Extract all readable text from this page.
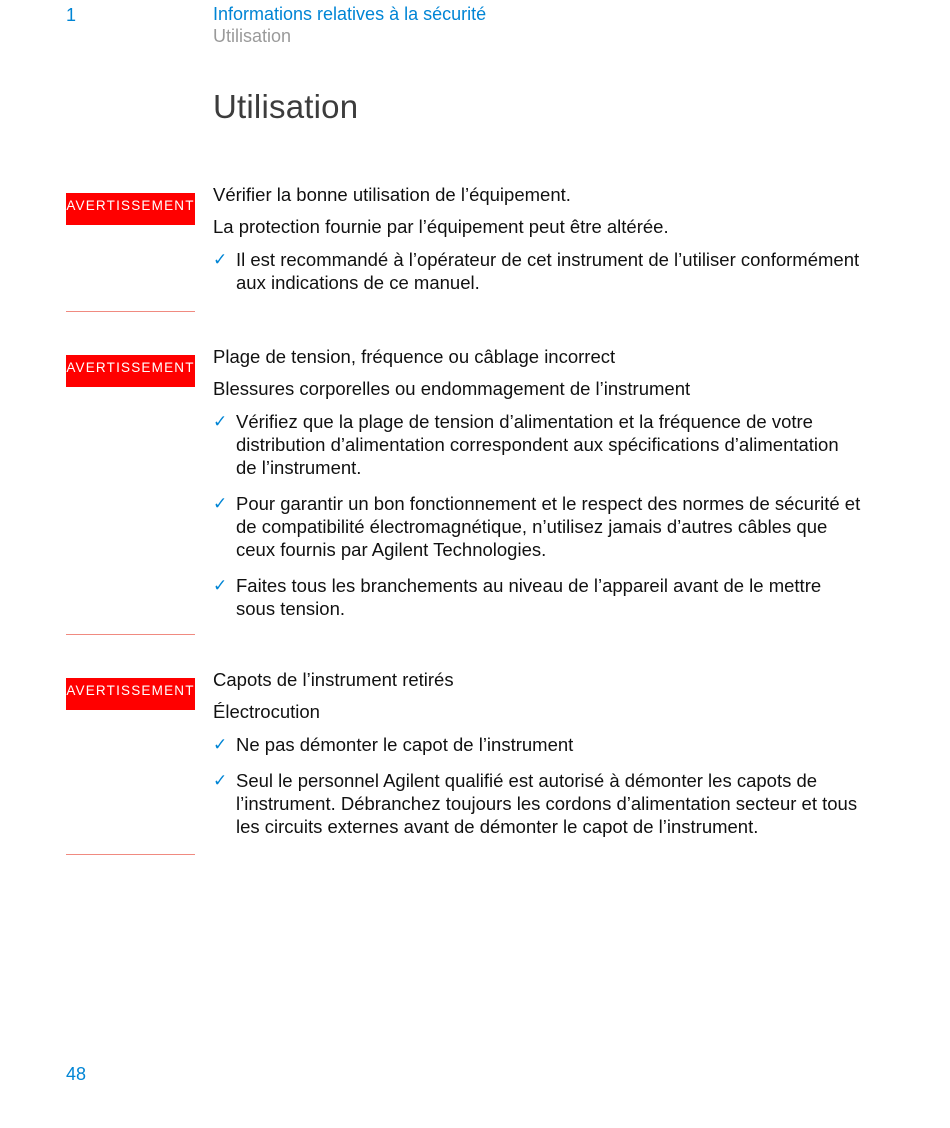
1	Informations relatives à la sécurité
Utilisation
Utilisation
AVERTISSEMENT

Vérifier la bonne utilisation de l’équipement.

La protection fournie par l’équipement peut être altérée.

✓ Il est recommandé à l’opérateur de cet instrument de l’utiliser conformément aux indications de ce manuel.
AVERTISSEMENT

Plage de tension, fréquence ou câblage incorrect

Blessures corporelles ou endommagement de l’instrument

✓ Vérifiez que la plage de tension d’alimentation et la fréquence de votre distribution d’alimentation correspondent aux spécifications d’alimentation de l’instrument.
✓ Pour garantir un bon fonctionnement et le respect des normes de sécurité et de compatibilité électromagnétique, n’utilisez jamais d’autres câbles que ceux fournis par Agilent Technologies.
✓ Faites tous les branchements au niveau de l’appareil avant de le mettre sous tension.
AVERTISSEMENT

Capots de l’instrument retirés

Électrocution

✓ Ne pas démonter le capot de l’instrument
✓ Seul le personnel Agilent qualifié est autorisé à démonter les capots de l’instrument. Débranchez toujours les cordons d’alimentation secteur et tous les circuits externes avant de démonter le capot de l’instrument.
48
